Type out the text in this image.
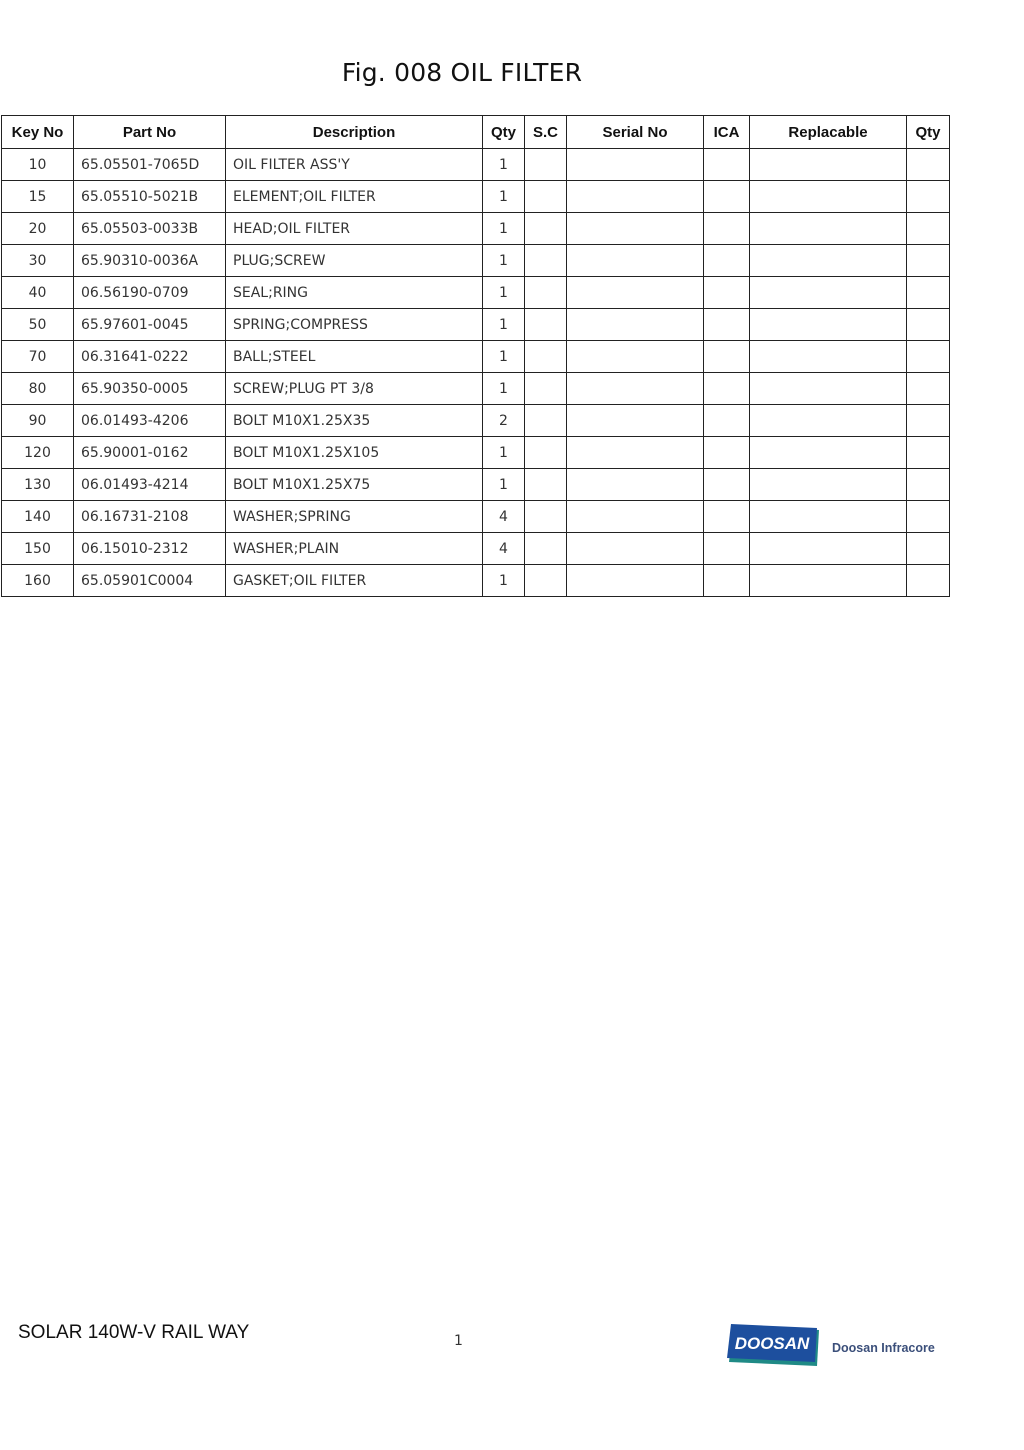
Fig. 008 OIL FILTER
Key No	Part No	Description	Qty	S.C	Serial No	ICA	Replacable	Qty
10	65.05501-7065D	OIL FILTER ASS'Y	1					
15	65.05510-5021B	ELEMENT;OIL FILTER	1					
20	65.05503-0033B	HEAD;OIL FILTER	1					
30	65.90310-0036A	PLUG;SCREW	1					
40	06.56190-0709	SEAL;RING	1					
50	65.97601-0045	SPRING;COMPRESS	1					
70	06.31641-0222	BALL;STEEL	1					
80	65.90350-0005	SCREW;PLUG PT 3/8	1					
90	06.01493-4206	BOLT M10X1.25X35	2					
120	65.90001-0162	BOLT M10X1.25X105	1					
130	06.01493-4214	BOLT M10X1.25X75	1					
140	06.16731-2108	WASHER;SPRING	4					
150	06.15010-2312	WASHER;PLAIN	4					
160	65.05901C0004	GASKET;OIL FILTER	1					
SOLAR 140W-V RAIL WAY	1	DOOSAN Doosan Infracore
